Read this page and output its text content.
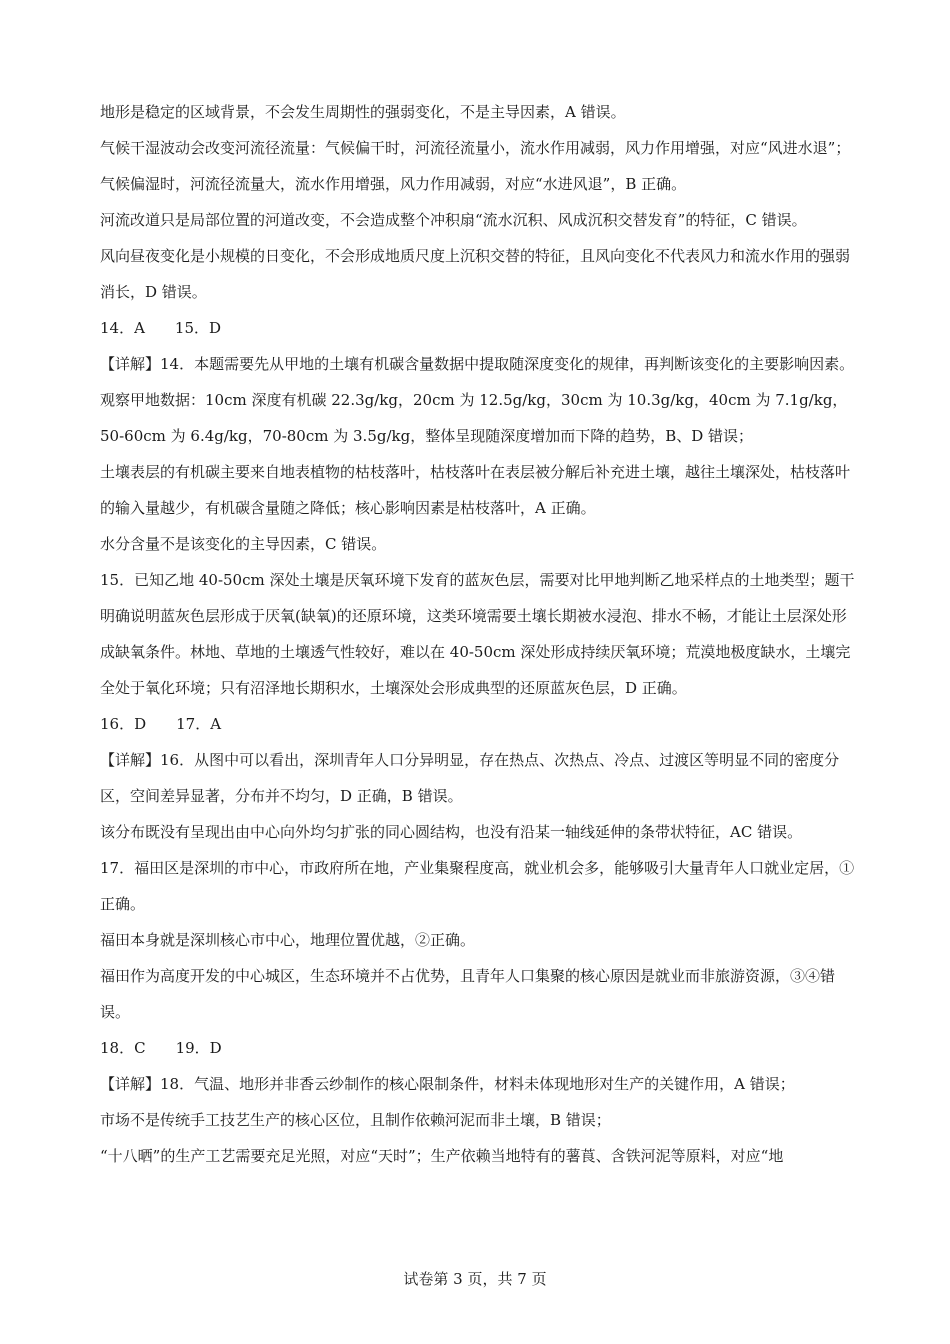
地形是稳定的区域背景，不会发生周期性的强弱变化，不是主导因素，A 错误。

气候干湿波动会改变河流径流量：气候偏干时，河流径流量小，流水作用减弱，风力作用增强，对应“风进水退”；气候偏湿时，河流径流量大，流水作用增强，风力作用减弱，对应“水进风退”，B 正确。

河流改道只是局部位置的河道改变，不会造成整个冲积扇“流水沉积、风成沉积交替发育”的特征，C 错误。

风向昼夜变化是小规模的日变化，不会形成地质尺度上沉积交替的特征，且风向变化不代表风力和流水作用的强弱消长，D 错误。

14．A　　15．D

【详解】14．本题需要先从甲地的土壤有机碳含量数据中提取随深度变化的规律，再判断该变化的主要影响因素。

观察甲地数据：10cm 深度有机碳 22.3g/kg，20cm 为 12.5g/kg，30cm 为 10.3g/kg，40cm 为 7.1g/kg，50-60cm 为 6.4g/kg，70-80cm 为 3.5g/kg，整体呈现随深度增加而下降的趋势，B、D 错误；

土壤表层的有机碳主要来自地表植物的枯枝落叶，枯枝落叶在表层被分解后补充进土壤，越往土壤深处，枯枝落叶的输入量越少，有机碳含量随之降低；核心影响因素是枯枝落叶，A 正确。

水分含量不是该变化的主导因素，C 错误。

15．已知乙地 40-50cm 深处土壤是厌氧环境下发育的蓝灰色层，需要对比甲地判断乙地采样点的土地类型；题干明确说明蓝灰色层形成于厌氧(缺氧)的还原环境，这类环境需要土壤长期被水浸泡、排水不畅，才能让土层深处形成缺氧条件。林地、草地的土壤透气性较好，难以在 40-50cm 深处形成持续厌氧环境；荒漠地极度缺水，土壤完全处于氧化环境；只有沼泽地长期积水，土壤深处会形成典型的还原蓝灰色层，D 正确。

16．D　　17．A

【详解】16．从图中可以看出，深圳青年人口分异明显，存在热点、次热点、冷点、过渡区等明显不同的密度分区，空间差异显著，分布并不均匀，D 正确，B 错误。

该分布既没有呈现出由中心向外均匀扩张的同心圆结构，也没有沿某一轴线延伸的条带状特征，AC 错误。

17．福田区是深圳的市中心，市政府所在地，产业集聚程度高，就业机会多，能够吸引大量青年人口就业定居，①正确。

福田本身就是深圳核心市中心，地理位置优越，②正确。

福田作为高度开发的中心城区，生态环境并不占优势，且青年人口集聚的核心原因是就业而非旅游资源，③④错误。

18．C　　19．D

【详解】18．气温、地形并非香云纱制作的核心限制条件，材料未体现地形对生产的关键作用，A 错误；

市场不是传统手工技艺生产的核心区位，且制作依赖河泥而非土壤，B 错误；

“十八晒”的生产工艺需要充足光照，对应“天时”；生产依赖当地特有的薯莨、含铁河泥等原料，对应“地

试卷第 3 页，共 7 页
